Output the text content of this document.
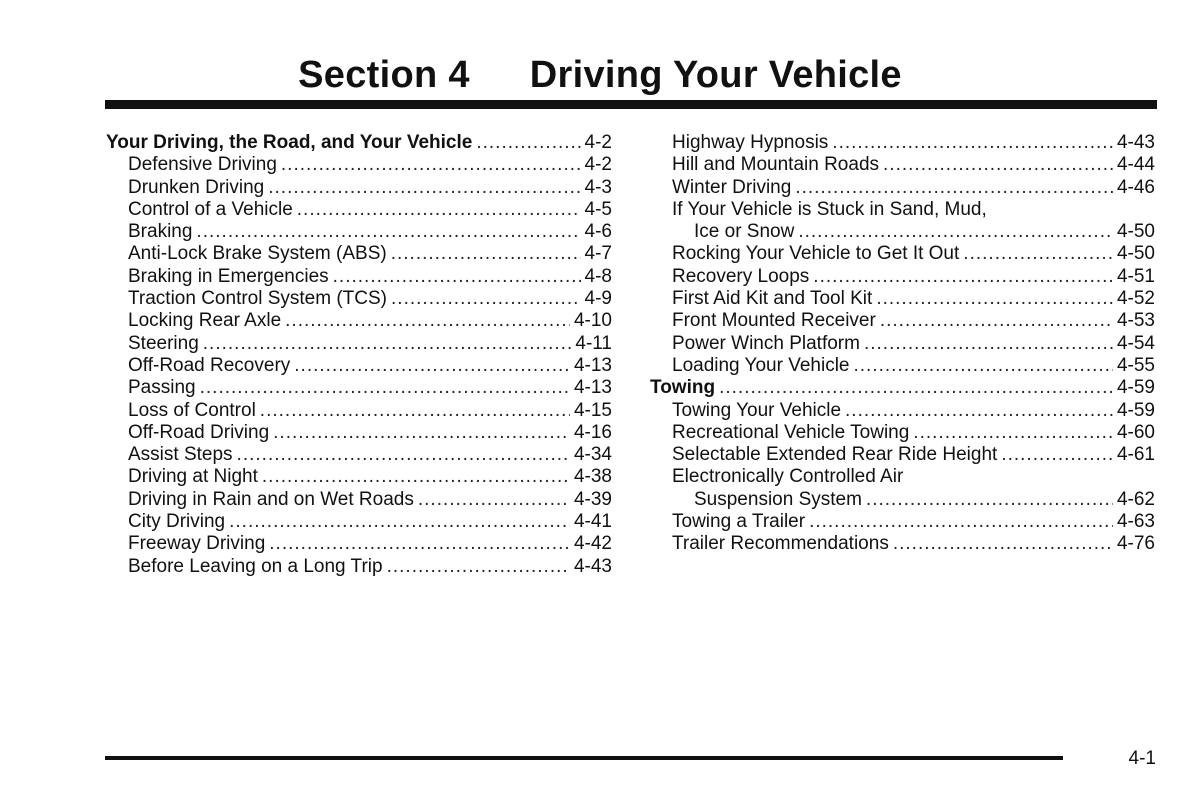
Section 4 Driving Your Vehicle
Your Driving, the Road, and Your Vehicle .....	4-2
Defensive Driving .....	4-2
Drunken Driving .....	4-3
Control of a Vehicle .....	4-5
Braking .....	4-6
Anti-Lock Brake System (ABS) .....	4-7
Braking in Emergencies .....	4-8
Traction Control System (TCS) .....	4-9
Locking Rear Axle .....	4-10
Steering .....	4-11
Off-Road Recovery .....	4-13
Passing .....	4-13
Loss of Control .....	4-15
Off-Road Driving .....	4-16
Assist Steps .....	4-34
Driving at Night .....	4-38
Driving in Rain and on Wet Roads .....	4-39
City Driving .....	4-41
Freeway Driving .....	4-42
Before Leaving on a Long Trip .....	4-43
Highway Hypnosis .....	4-43
Hill and Mountain Roads .....	4-44
Winter Driving .....	4-46
If Your Vehicle is Stuck in Sand, Mud,
Ice or Snow .....	4-50
Rocking Your Vehicle to Get It Out .....	4-50
Recovery Loops .....	4-51
First Aid Kit and Tool Kit .....	4-52
Front Mounted Receiver .....	4-53
Power Winch Platform .....	4-54
Loading Your Vehicle .....	4-55
Towing .....	4-59
Towing Your Vehicle .....	4-59
Recreational Vehicle Towing .....	4-60
Selectable Extended Rear Ride Height .....	4-61
Electronically Controlled Air
Suspension System .....	4-62
Towing a Trailer .....	4-63
Trailer Recommendations .....	4-76
4-1
